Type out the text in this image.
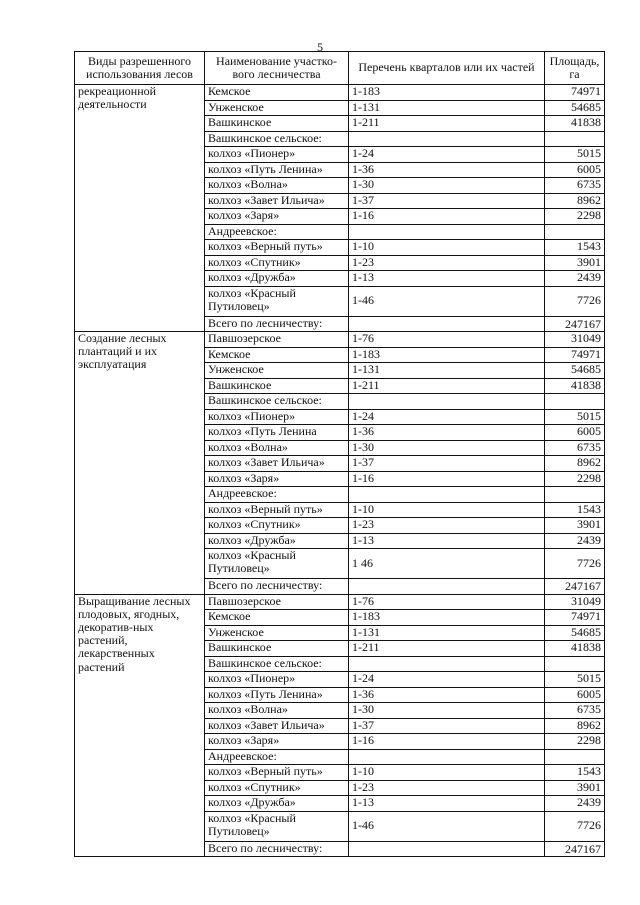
5
Виды разрешенного использования лесов	Наименование участко-вого лесничества	Перечень кварталов или их частей	Площадь, га
рекреационной деятельности	Кемское	1-183	74971
	Унженское	1-131	54685
	Вашкинское	1-211	41838
	Вашкинское сельское:		
	колхоз «Пионер»	1-24	5015
	колхоз «Путь Ленина»	1-36	6005
	колхоз «Волна»	1-30	6735
	колхоз «Завет Ильича»	1-37	8962
	колхоз «Заря»	1-16	2298
	Андреевское:		
	колхоз «Верный путь»	1-10	1543
	колхоз «Спутник»	1-23	3901
	колхоз «Дружба»	1-13	2439
	колхоз «Красный Путиловец»	1-46	7726
	Всего по лесничеству:		247167
Создание лесных плантаций и их эксплуатация	Павшозерское	1-76	31049
	Кемское	1-183	74971
	Унженское	1-131	54685
	Вашкинское	1-211	41838
	Вашкинское сельское:		
	колхоз «Пионер»	1-24	5015
	колхоз «Путь Ленина	1-36	6005
	колхоз «Волна»	1-30	6735
	колхоз «Завет Ильича»	1-37	8962
	колхоз «Заря»	1-16	2298
	Андреевское:		
	колхоз «Верный путь»	1-10	1543
	колхоз «Спутник»	1-23	3901
	колхоз «Дружба»	1-13	2439
	колхоз «Красный Путиловец»	1 46	7726
	Всего по лесничеству:		247167
Выращивание лесных плодовых, ягодных, декоратив-ных растений, лекарственных растений	Павшозерское	1-76	31049
	Кемское	1-183	74971
	Унженское	1-131	54685
	Вашкинское	1-211	41838
	Вашкинское сельское:		
	колхоз «Пионер»	1-24	5015
	колхоз «Путь Ленина»	1-36	6005
	колхоз «Волна»	1-30	6735
	колхоз «Завет Ильича»	1-37	8962
	колхоз «Заря»	1-16	2298
	Андреевское:		
	колхоз «Верный путь»	1-10	1543
	колхоз «Спутник»	1-23	3901
	колхоз «Дружба»	1-13	2439
	колхоз «Красный Путиловец»	1-46	7726
	Всего по лесничеству:		247167
